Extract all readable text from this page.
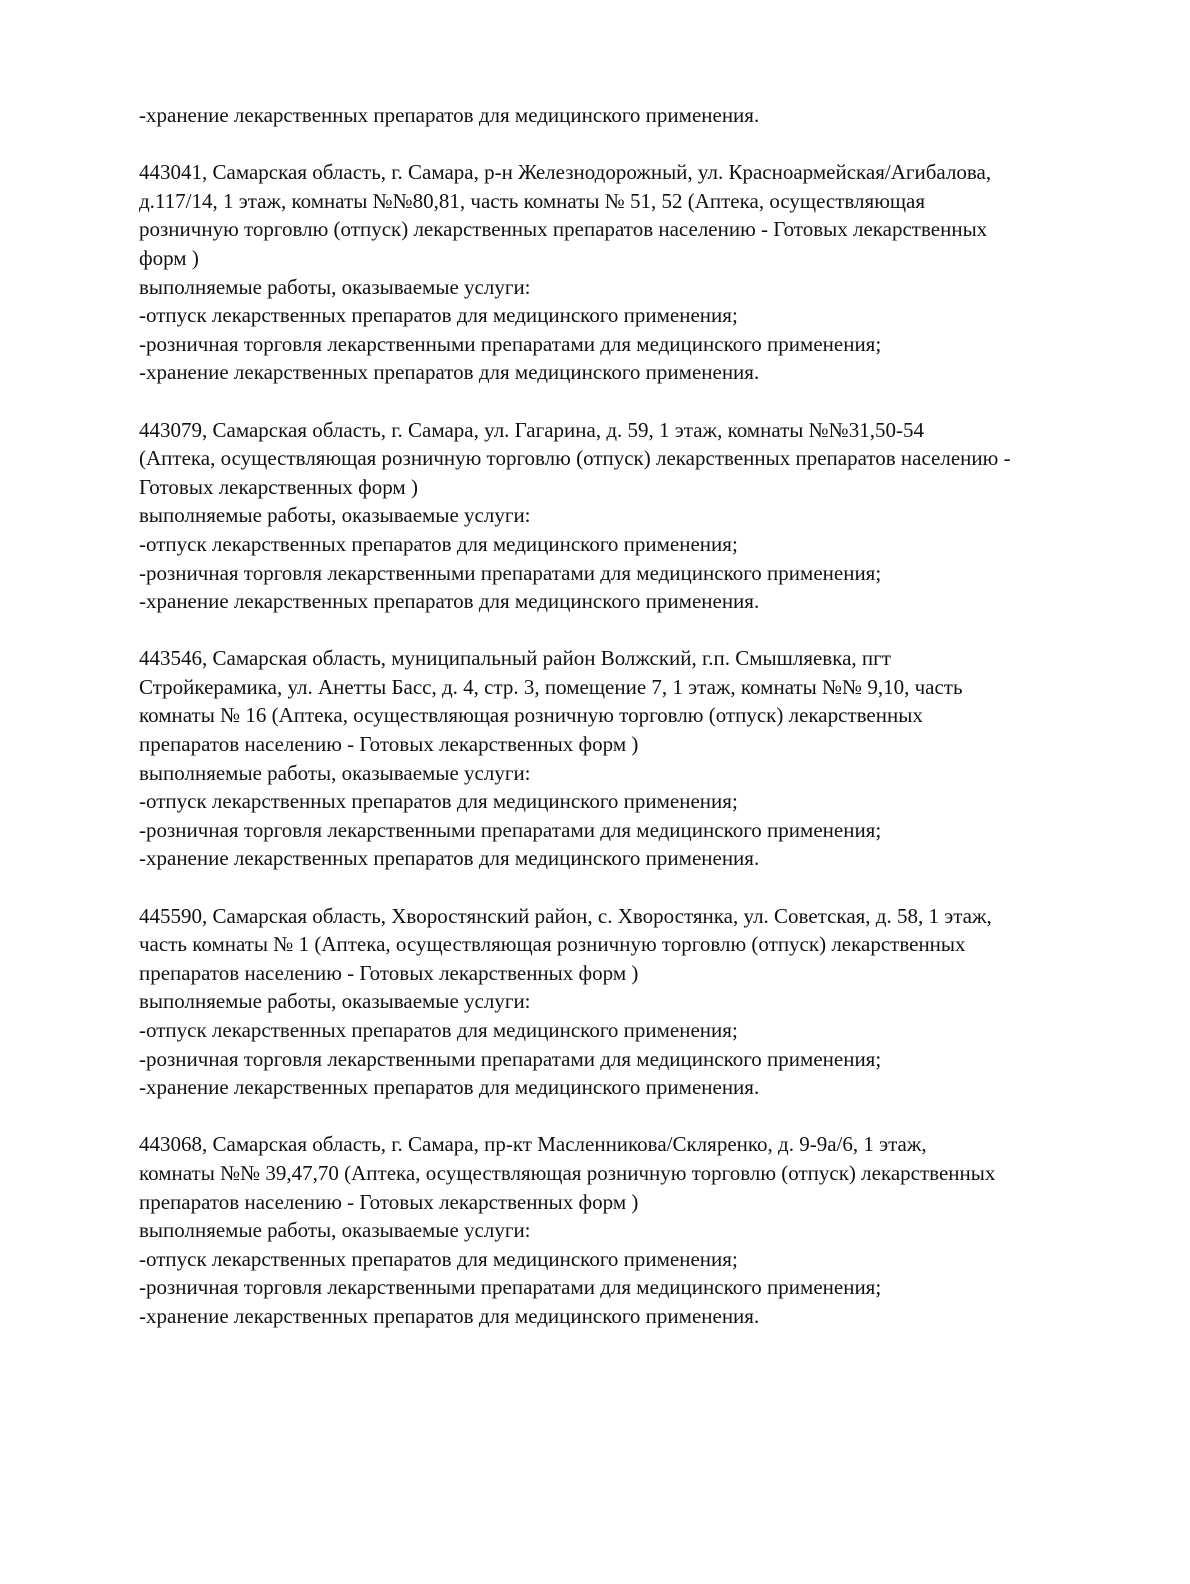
-хранение лекарственных препаратов для медицинского применения.
443041, Самарская область, г. Самара, р-н Железнодорожный, ул. Красноармейская/Агибалова,
д.117/14, 1 этаж, комнаты №№80,81, часть комнаты № 51, 52 (Аптека, осуществляющая
розничную торговлю (отпуск) лекарственных препаратов населению - Готовых лекарственных
форм )
выполняемые работы, оказываемые услуги:
-отпуск лекарственных препаратов для медицинского применения;
-розничная торговля лекарственными препаратами для медицинского применения;
-хранение лекарственных препаратов для медицинского применения.
443079, Самарская область, г. Самара, ул. Гагарина, д. 59, 1 этаж, комнаты №№31,50-54
(Аптека, осуществляющая розничную торговлю (отпуск) лекарственных препаратов населению -
Готовых лекарственных форм )
выполняемые работы, оказываемые услуги:
-отпуск лекарственных препаратов для медицинского применения;
-розничная торговля лекарственными препаратами для медицинского применения;
-хранение лекарственных препаратов для медицинского применения.
443546, Самарская область, муниципальный район Волжский, г.п. Смышляевка, пгт
Стройкерамика, ул. Анетты Басс, д. 4, стр. 3, помещение 7, 1 этаж, комнаты №№ 9,10, часть
комнаты № 16 (Аптека, осуществляющая розничную торговлю (отпуск) лекарственных
препаратов населению - Готовых лекарственных форм )
выполняемые работы, оказываемые услуги:
-отпуск лекарственных препаратов для медицинского применения;
-розничная торговля лекарственными препаратами для медицинского применения;
-хранение лекарственных препаратов для медицинского применения.
445590, Самарская область, Хворостянский район, с. Хворостянка, ул. Советская, д. 58, 1 этаж,
часть комнаты № 1 (Аптека, осуществляющая розничную торговлю (отпуск) лекарственных
препаратов населению - Готовых лекарственных форм )
выполняемые работы, оказываемые услуги:
-отпуск лекарственных препаратов для медицинского применения;
-розничная торговля лекарственными препаратами для медицинского применения;
-хранение лекарственных препаратов для медицинского применения.
443068, Самарская область, г. Самара, пр-кт Масленникова/Скляренко, д. 9-9а/6, 1 этаж,
комнаты №№ 39,47,70 (Аптека, осуществляющая розничную торговлю (отпуск) лекарственных
препаратов населению - Готовых лекарственных форм )
выполняемые работы, оказываемые услуги:
-отпуск лекарственных препаратов для медицинского применения;
-розничная торговля лекарственными препаратами для медицинского применения;
-хранение лекарственных препаратов для медицинского применения.
